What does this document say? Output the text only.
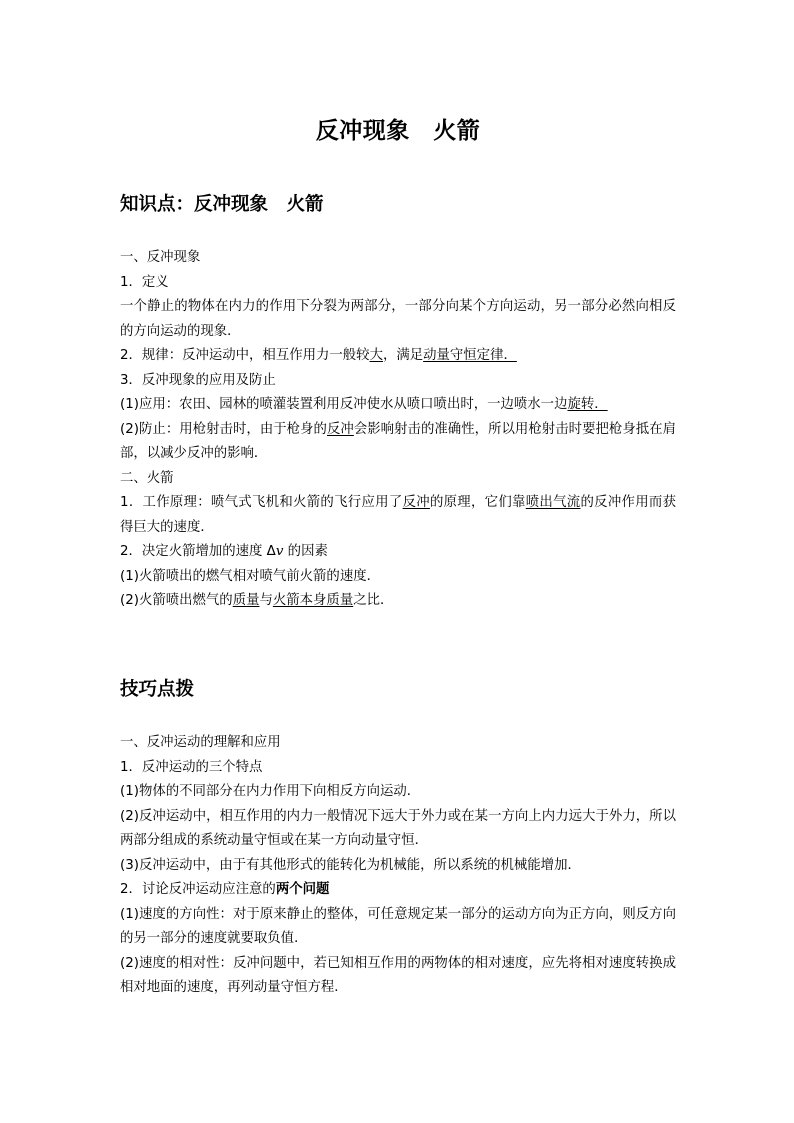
反冲现象　火箭
知识点：反冲现象　火箭

一、反冲现象

1．定义

一个静止的物体在内力的作用下分裂为两部分，一部分向某个方向运动，另一部分必然向相反的方向运动的现象．

2．规律：反冲运动中，相互作用力一般较大，满足动量守恒定律．

3．反冲现象的应用及防止

(1)应用：农田、园林的喷灌装置利用反冲使水从喷口喷出时，一边喷水一边旋转．

(2)防止：用枪射击时，由于枪身的反冲会影响射击的准确性，所以用枪射击时要把枪身抵在肩部，以减少反冲的影响．

二、火箭

1．工作原理：喷气式飞机和火箭的飞行应用了反冲的原理，它们靠喷出气流的反冲作用而获得巨大的速度．

2．决定火箭增加的速度 Δv 的因素

(1)火箭喷出的燃气相对喷气前火箭的速度．

(2)火箭喷出燃气的质量与火箭本身质量之比．

技巧点拨

一、反冲运动的理解和应用

1．反冲运动的三个特点

(1)物体的不同部分在内力作用下向相反方向运动．

(2)反冲运动中，相互作用的内力一般情况下远大于外力或在某一方向上内力远大于外力，所以两部分组成的系统动量守恒或在某一方向动量守恒．

(3)反冲运动中，由于有其他形式的能转化为机械能，所以系统的机械能增加．

2．讨论反冲运动应注意的两个问题

(1)速度的方向性：对于原来静止的整体，可任意规定某一部分的运动方向为正方向，则反方向的另一部分的速度就要取负值．

(2)速度的相对性：反冲问题中，若已知相互作用的两物体的相对速度，应先将相对速度转换成相对地面的速度，再列动量守恒方程．
